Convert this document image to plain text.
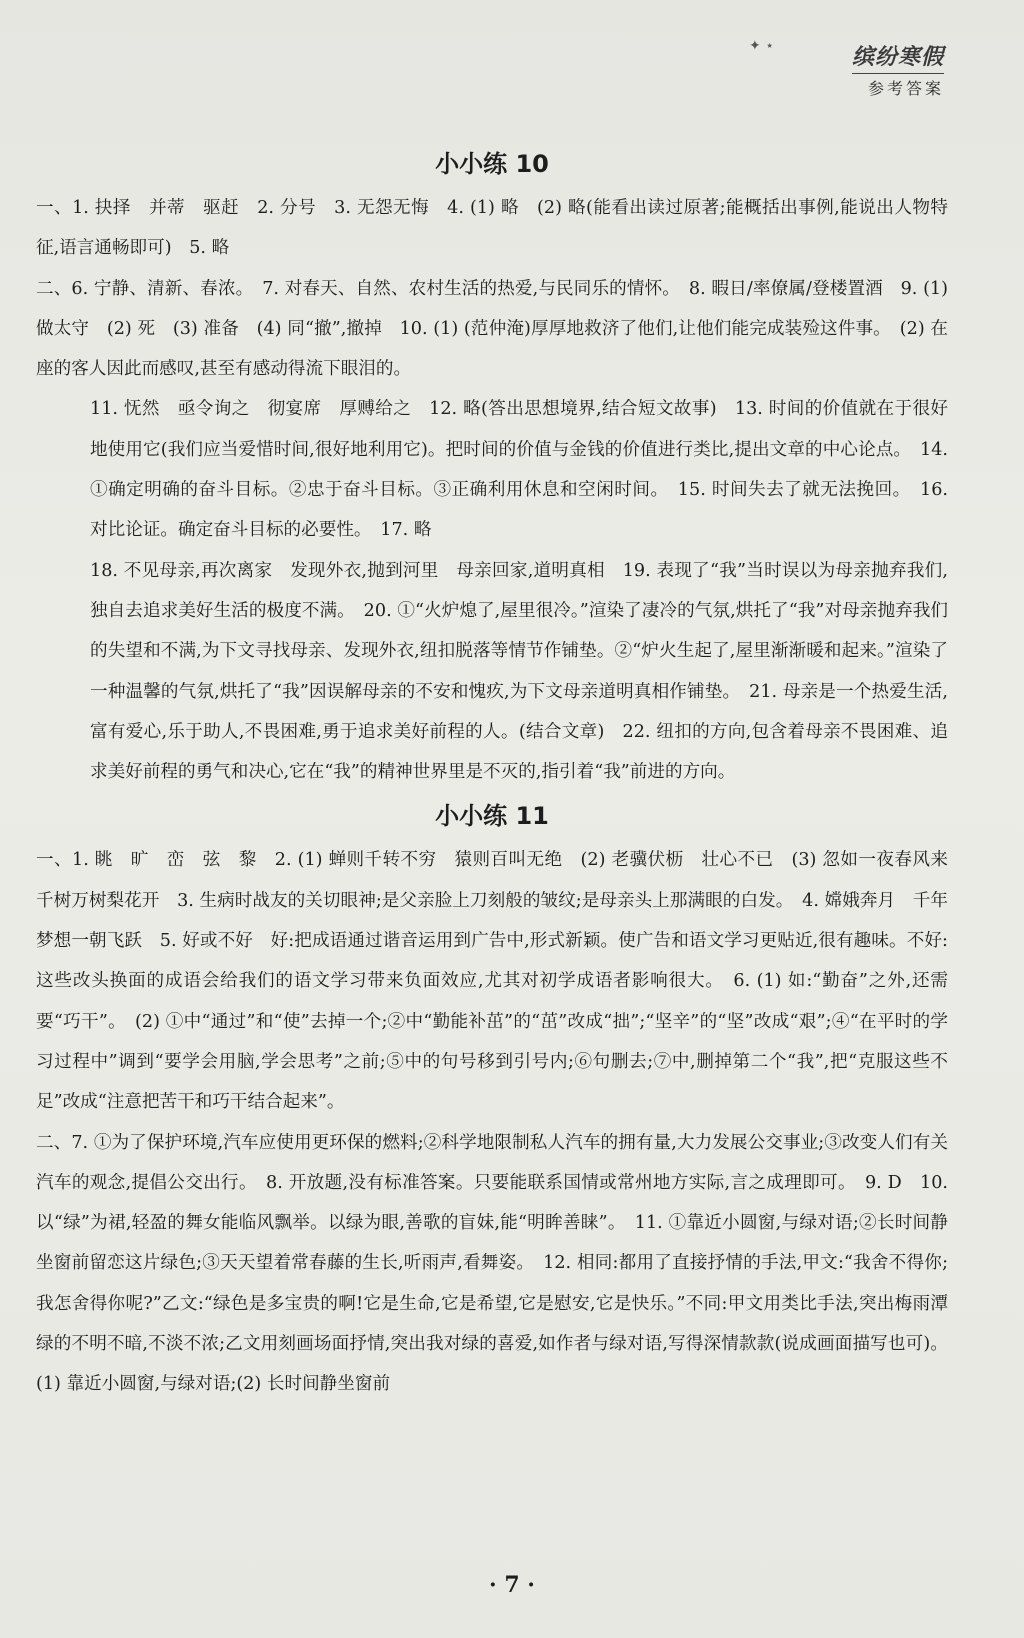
✦ ⋆	缤纷寒假
参考答案
小小练 10

一、1. 抉择　并蒂　驱赶　2. 分号　3. 无怨无悔　4. (1) 略　(2) 略(能看出读过原著;能概括出事例,能说出人物特征,语言通畅即可)　5. 略

二、6. 宁静、清新、春浓。　7. 对春天、自然、农村生活的热爱,与民同乐的情怀。　8. 暇日/率僚属/登楼置酒　9. (1) 做太守　(2) 死　(3) 准备　(4) 同“撤”,撤掉　10. (1) (范仲淹)厚厚地救济了他们,让他们能完成装殓这件事。　(2) 在座的客人因此而感叹,甚至有感动得流下眼泪的。

11. 怃然　亟令询之　彻宴席　厚赙给之　12. 略(答出思想境界,结合短文故事)　13. 时间的价值就在于很好地使用它(我们应当爱惜时间,很好地利用它)。把时间的价值与金钱的价值进行类比,提出文章的中心论点。　14. ①确定明确的奋斗目标。②忠于奋斗目标。③正确利用休息和空闲时间。　15. 时间失去了就无法挽回。　16. 对比论证。确定奋斗目标的必要性。　17. 略

18. 不见母亲,再次离家　发现外衣,抛到河里　母亲回家,道明真相　19. 表现了“我”当时误以为母亲抛弃我们,独自去追求美好生活的极度不满。　20. ①“火炉熄了,屋里很冷。”渲染了凄冷的气氛,烘托了“我”对母亲抛弃我们的失望和不满,为下文寻找母亲、发现外衣,纽扣脱落等情节作铺垫。②“炉火生起了,屋里渐渐暖和起来。”渲染了一种温馨的气氛,烘托了“我”因误解母亲的不安和愧疚,为下文母亲道明真相作铺垫。　21. 母亲是一个热爱生活,富有爱心,乐于助人,不畏困难,勇于追求美好前程的人。(结合文章)　22. 纽扣的方向,包含着母亲不畏困难、追求美好前程的勇气和决心,它在“我”的精神世界里是不灭的,指引着“我”前进的方向。

小小练 11

一、1. 眺　旷　峦　弦　黎　2. (1) 蝉则千转不穷　猿则百叫无绝　(2) 老骥伏枥　壮心不已　(3) 忽如一夜春风来　千树万树梨花开　3. 生病时战友的关切眼神;是父亲脸上刀刻般的皱纹;是母亲头上那满眼的白发。　4. 嫦娥奔月　千年梦想一朝飞跃　5. 好或不好　好:把成语通过谐音运用到广告中,形式新颖。使广告和语文学习更贴近,很有趣味。不好:这些改头换面的成语会给我们的语文学习带来负面效应,尤其对初学成语者影响很大。　6. (1) 如:“勤奋”之外,还需要“巧干”。　(2) ①中“通过”和“使”去掉一个;②中“勤能补茁”的“茁”改成“拙”;“坚辛”的“坚”改成“艰”;④“在平时的学习过程中”调到“要学会用脑,学会思考”之前;⑤中的句号移到引号内;⑥句删去;⑦中,删掉第二个“我”,把“克服这些不足”改成“注意把苦干和巧干结合起来”。

二、7. ①为了保护环境,汽车应使用更环保的燃料;②科学地限制私人汽车的拥有量,大力发展公交事业;③改变人们有关汽车的观念,提倡公交出行。　8. 开放题,没有标准答案。只要能联系国情或常州地方实际,言之成理即可。　9. D　10. 以“绿”为裙,轻盈的舞女能临风飘举。以绿为眼,善歌的盲妹,能“明眸善睐”。　11. ①靠近小圆窗,与绿对语;②长时间静坐窗前留恋这片绿色;③天天望着常春藤的生长,听雨声,看舞姿。　12. 相同:都用了直接抒情的手法,甲文:“我舍不得你;我怎舍得你呢?”乙文:“绿色是多宝贵的啊!它是生命,它是希望,它是慰安,它是快乐。”不同:甲文用类比手法,突出梅雨潭绿的不明不暗,不淡不浓;乙文用刻画场面抒情,突出我对绿的喜爱,如作者与绿对语,写得深情款款(说成画面描写也可)。(1) 靠近小圆窗,与绿对语;(2) 长时间静坐窗前

· 7 ·
